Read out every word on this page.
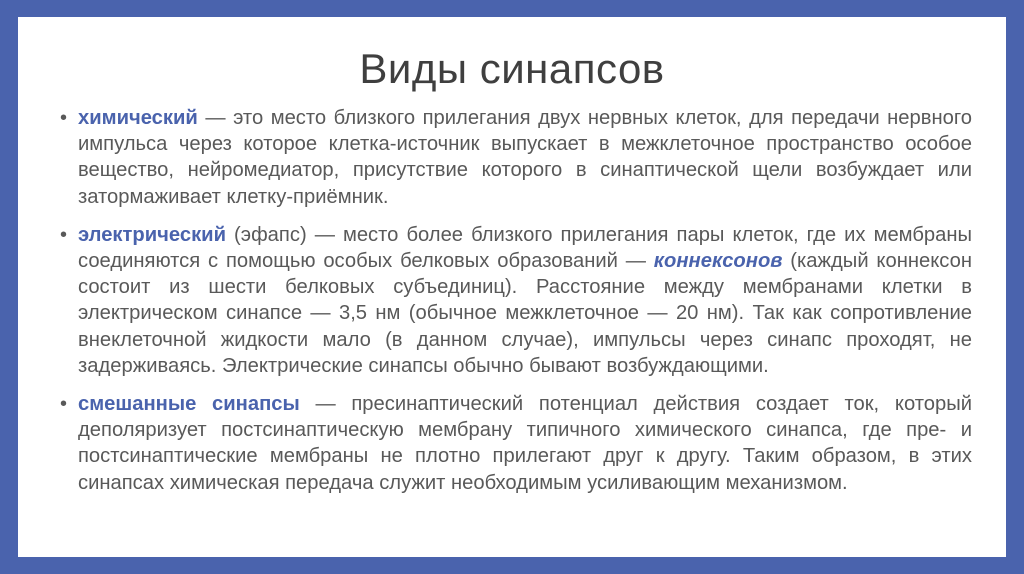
Виды синапсов
• химический — это место близкого прилегания двух нервных клеток, для передачи нервного импульса через которое клетка-источник выпускает в межклеточное пространство особое вещество, нейромедиатор, присутствие которого в синаптической щели возбуждает или затормаживает клетку-приёмник.
• электрический (эфапс) — место более близкого прилегания пары клеток, где их мембраны соединяются с помощью особых белковых образований — коннексонов (каждый коннексон состоит из шести белковых субъединиц). Расстояние между мембранами клетки в электрическом синапсе — 3,5 нм (обычное межклеточное — 20 нм). Так как сопротивление внеклеточной жидкости мало (в данном случае), импульсы через синапс проходят, не задерживаясь. Электрические синапсы обычно бывают возбуждающими.
• смешанные синапсы — пресинаптический потенциал действия создает ток, который деполяризует постсинаптическую мембрану типичного химического синапса, где пре- и постсинаптические мембраны не плотно прилегают друг к другу. Таким образом, в этих синапсах химическая передача служит необходимым усиливающим механизмом.
